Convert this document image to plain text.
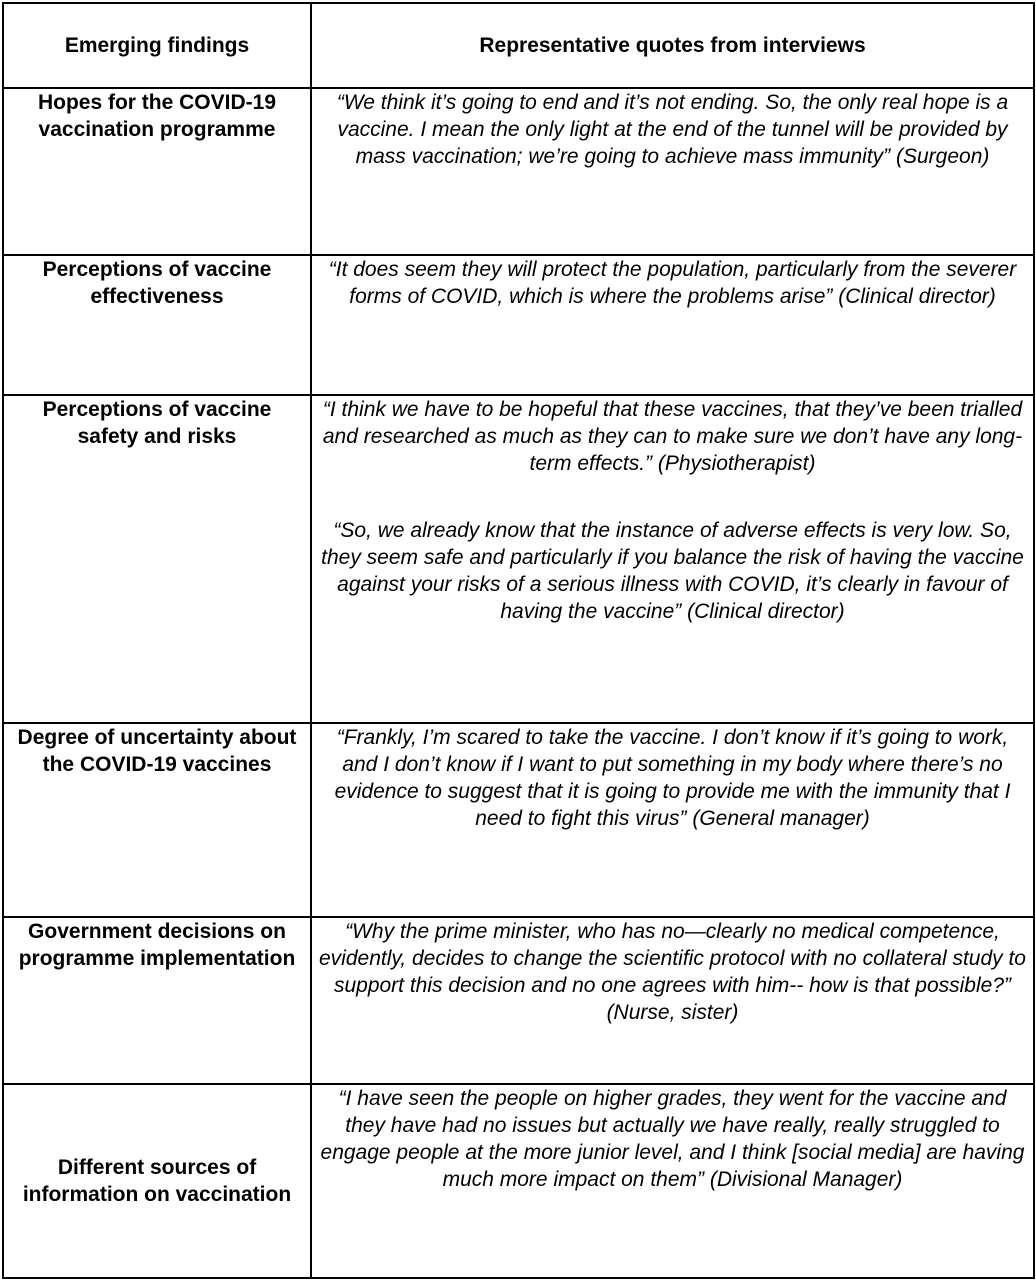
Emerging findings	Representative quotes from interviews
Hopes for the COVID-19 vaccination programme	“We think it’s going to end and it’s not ending. So, the only real hope is a vaccine. I mean the only light at the end of the tunnel will be provided by mass vaccination; we’re going to achieve mass immunity” (Surgeon)

Perceptions of vaccine effectiveness	“It does seem they will protect the population, particularly from the severer forms of COVID, which is where the problems arise” (Clinical director)

Perceptions of vaccine safety and risks	“I think we have to be hopeful that these vaccines, that they’ve been trialled and researched as much as they can to make sure we don’t have any long-term effects.” (Physiotherapist)
“So, we already know that the instance of adverse effects is very low. So, they seem safe and particularly if you balance the risk of having the vaccine against your risks of a serious illness with COVID, it’s clearly in favour of having the vaccine” (Clinical director)

Degree of uncertainty about the COVID-19 vaccines	“Frankly, I’m scared to take the vaccine. I don’t know if it’s going to work, and I don’t know if I want to put something in my body where there’s no evidence to suggest that it is going to provide me with the immunity that I need to fight this virus” (General manager)

Government decisions on programme implementation	“Why the prime minister, who has no—clearly no medical competence, evidently, decides to change the scientific protocol with no collateral study to support this decision and no one agrees with him-- how is that possible?” (Nurse, sister)

Different sources of information on vaccination	“I have seen the people on higher grades, they went for the vaccine and they have had no issues but actually we have really, really struggled to engage people at the more junior level, and I think [social media] are having much more impact on them” (Divisional Manager)
